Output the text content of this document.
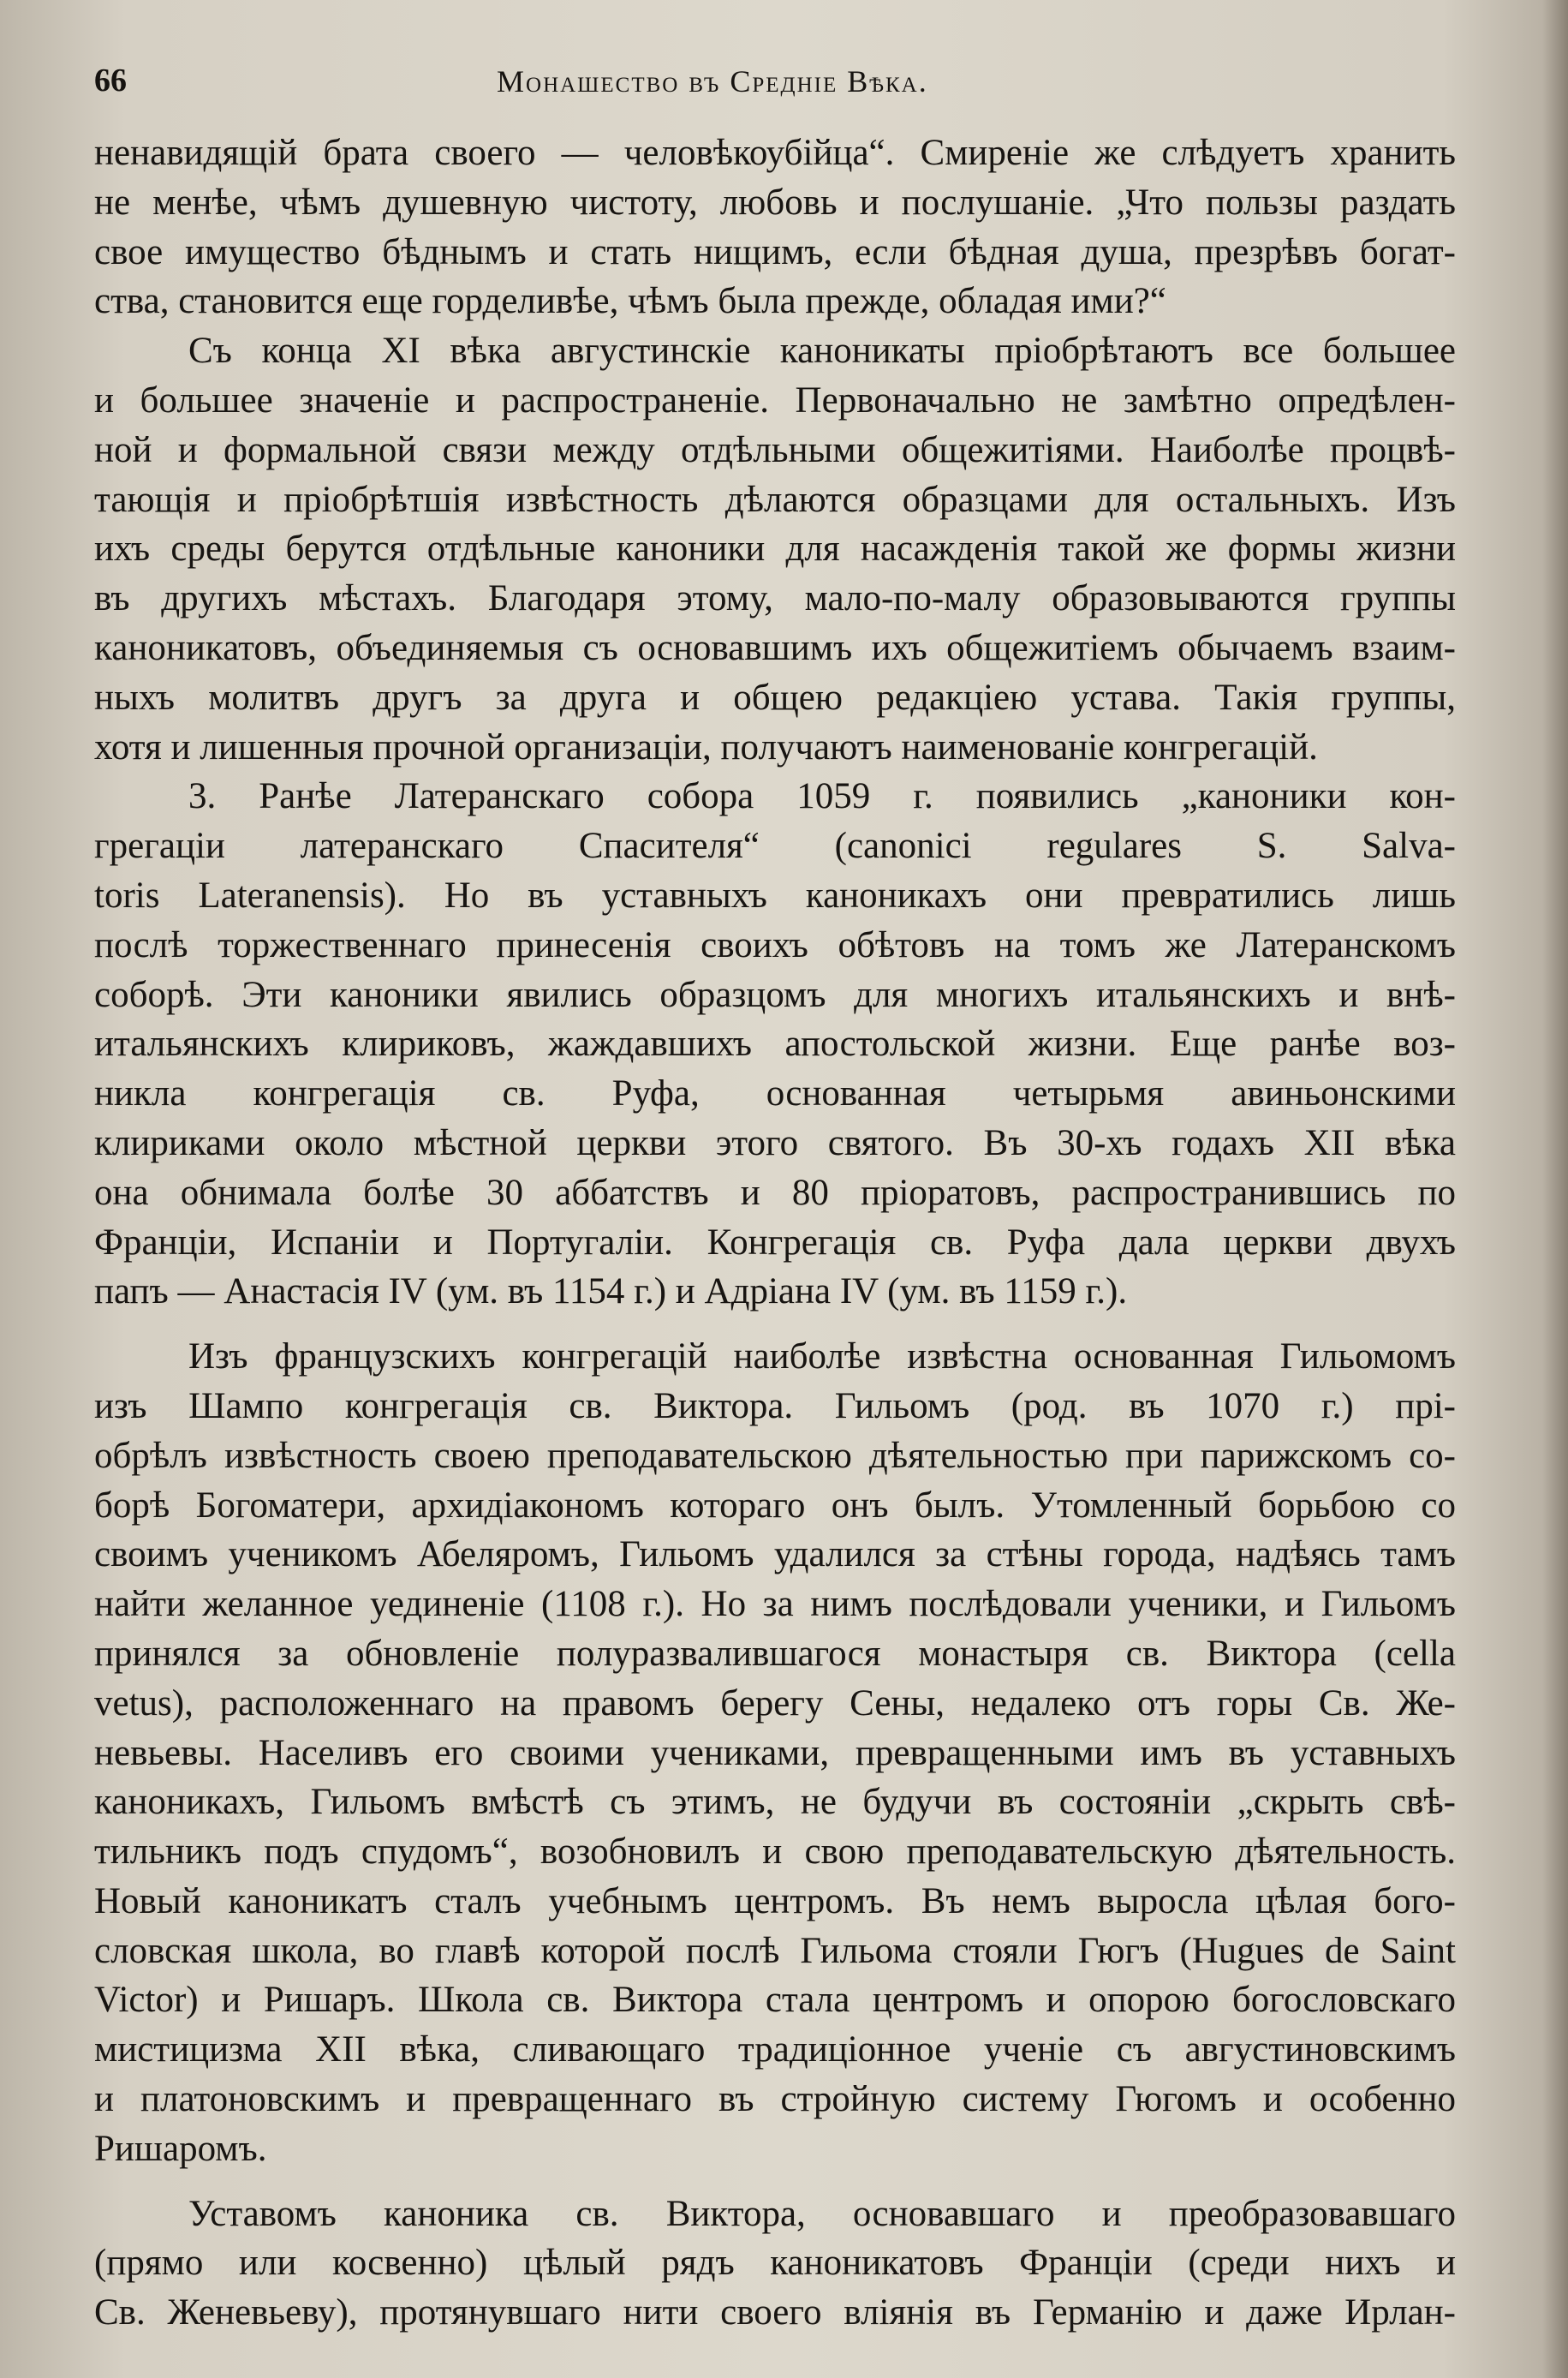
66	Монашество въ Средніе Вѣка.
ненавидящій брата своего — человѣкоубійца“. Смиреніе же слѣдуетъ хранить
не менѣе, чѣмъ душевную чистоту, любовь и послушаніе. „Что пользы раздать
свое имущество бѣднымъ и стать нищимъ, если бѣдная душа, презрѣвъ богат-
ства, становится еще горделивѣе, чѣмъ была прежде, обладая ими?“
Съ конца XI вѣка августинскіе каноникаты пріобрѣтаютъ все большее
и большее значеніе и распространеніе. Первоначально не замѣтно опредѣлен-
ной и формальной связи между отдѣльными общежитіями. Наиболѣе процвѣ-
тающія и пріобрѣтшія извѣстность дѣлаются образцами для остальныхъ. Изъ
ихъ среды берутся отдѣльные каноники для насажденія такой же формы жизни
въ другихъ мѣстахъ. Благодаря этому, мало-по-малу образовываются группы
каноникатовъ, объединяемыя съ основавшимъ ихъ общежитіемъ обычаемъ взаим-
ныхъ молитвъ другъ за друга и общею редакціею устава. Такія группы,
хотя и лишенныя прочной организаціи, получаютъ наименованіе конгрегацій.
3. Ранѣе Латеранскаго собора 1059 г. появились „каноники кон-
грегаціи латеранскаго Спасителя“ (canonici regulares S. Salva-
toris Lateranensis). Но въ уставныхъ каноникахъ они превратились лишь
послѣ торжественнаго принесенія своихъ обѣтовъ на томъ же Латеранскомъ
соборѣ. Эти каноники явились образцомъ для многихъ итальянскихъ и внѣ-
итальянскихъ клириковъ, жаждавшихъ апостольской жизни. Еще ранѣе воз-
никла конгрегація св. Руфа, основанная четырьмя авиньонскими
клириками около мѣстной церкви этого святого. Въ 30-хъ годахъ XII вѣка
она обнимала болѣе 30 аббатствъ и 80 пріоратовъ, распространившись по
Франціи, Испаніи и Португаліи. Конгрегація св. Руфа дала церкви двухъ
папъ — Анастасія IV (ум. въ 1154 г.) и Адріана IV (ум. въ 1159 г.).
Изъ французскихъ конгрегацій наиболѣе извѣстна основанная Гильомомъ
изъ Шампо конгрегація св. Виктора. Гильомъ (род. въ 1070 г.) прі-
обрѣлъ извѣстность своею преподавательскою дѣятельностью при парижскомъ со-
борѣ Богоматери, архидіакономъ котораго онъ былъ. Утомленный борьбою со
своимъ ученикомъ Абеляромъ, Гильомъ удалился за стѣны города, надѣясь тамъ
найти желанное уединеніе (1108 г.). Но за нимъ послѣдовали ученики, и Гильомъ
принялся за обновленіе полуразвалившагося монастыря св. Виктора (cella
vetus), расположеннаго на правомъ берегу Сены, недалеко отъ горы Св. Же-
невьевы. Населивъ его своими учениками, превращенными имъ въ уставныхъ
каноникахъ, Гильомъ вмѣстѣ съ этимъ, не будучи въ состояніи „скрыть свѣ-
тильникъ подъ спудомъ“, возобновилъ и свою преподавательскую дѣятельность.
Новый каноникатъ сталъ учебнымъ центромъ. Въ немъ выросла цѣлая бого-
словская школа, во главѣ которой послѣ Гильома стояли Гюгъ (Hugues de Saint
Victor) и Ришаръ. Школа св. Виктора стала центромъ и опорою богословскаго
мистицизма XII вѣка, сливающаго традиціонное ученіе съ августиновскимъ
и платоновскимъ и превращеннаго въ стройную систему Гюгомъ и особенно
Ришаромъ.
Уставомъ каноника св. Виктора, основавшаго и преобразовавшаго
(прямо или косвенно) цѣлый рядъ каноникатовъ Франціи (среди нихъ и
Св. Женевьеву), протянувшаго нити своего вліянія въ Германію и даже Ирлан-
